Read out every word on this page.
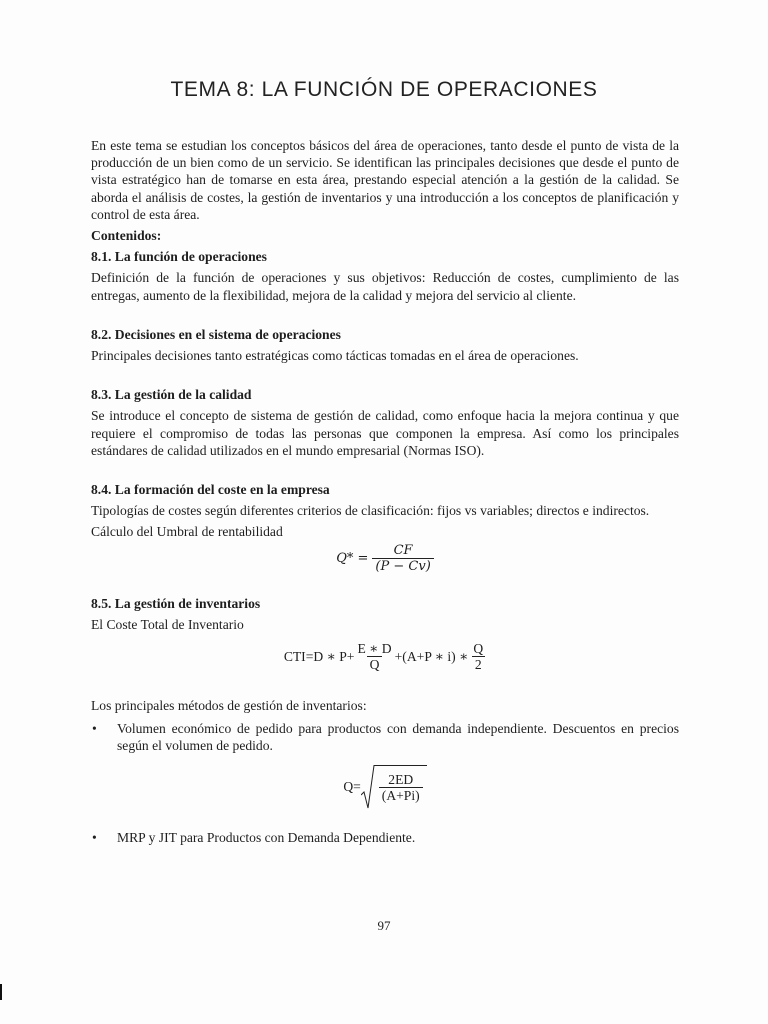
TEMA 8: LA FUNCIÓN DE OPERACIONES

En este tema se estudian los conceptos básicos del área de operaciones, tanto desde el punto de vista de la producción de un bien como de un servicio. Se identifican las principales decisiones que desde el punto de vista estratégico han de tomarse en esta área, prestando especial atención a la gestión de la calidad. Se aborda el análisis de costes, la gestión de inventarios y una introducción a los conceptos de planificación y control de esta área.

Contenidos:

8.1. La función de operaciones

Definición de la función de operaciones y sus objetivos: Reducción de costes, cumplimiento de las entregas, aumento de la flexibilidad, mejora de la calidad y mejora del servicio al cliente.

8.2. Decisiones en el sistema de operaciones

Principales decisiones tanto estratégicas como tácticas tomadas en el área de operaciones.

8.3. La gestión de la calidad

Se introduce el concepto de sistema de gestión de calidad, como enfoque hacia la mejora continua y que requiere el compromiso de todas las personas que componen la empresa. Así como los principales estándares de calidad utilizados en el mundo empresarial (Normas ISO).

8.4. La formación del coste en la empresa

Tipologías de costes según diferentes criterios de clasificación: fijos vs variables; directos e indirectos.

Cálculo del Umbral de rentabilidad

$Q* = \frac{CF}{(P - Cv)}$

8.5. La gestión de inventarios

El Coste Total de Inventario

CTI=D ∗ $P+ \frac{E ∗ D}{Q} +(A+P$ ∗ i) ∗ $\frac{Q}{2}$

Los principales métodos de gestión de inventarios:

• Volumen económico de pedido para productos con demanda independiente. Descuentos en precios según el volumen de pedido.
$Q= \frac{2ED}{(A+Pi)}$
• MRP y JIT para Productos con Demanda Dependiente.
97
